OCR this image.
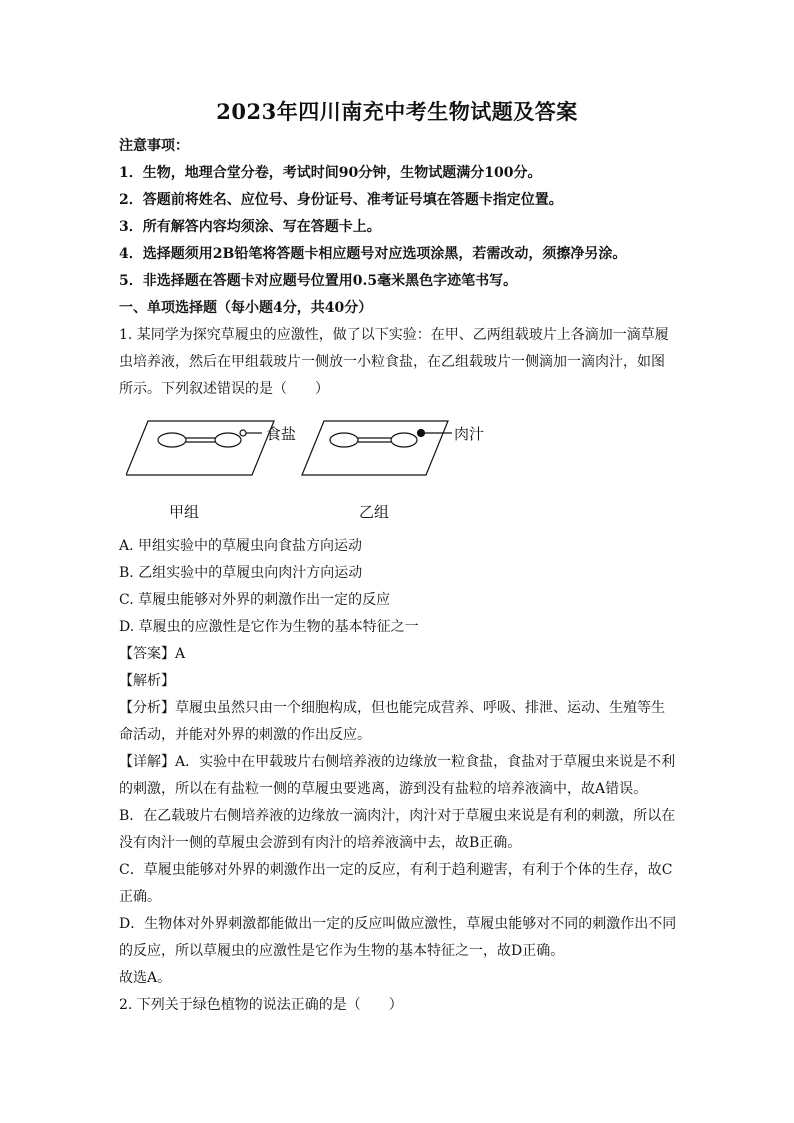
2023年四川南充中考生物试题及答案
注意事项：
1．生物，地理合堂分卷，考试时间90分钟，生物试题满分100分。
2．答题前将姓名、应位号、身份证号、准考证号填在答题卡指定位置。
3．所有解答内容均须涂、写在答题卡上。
4．选择题须用2B铅笔将答题卡相应题号对应选项涂黑，若需改动，须擦净另涂。
5．非选择题在答题卡对应题号位置用0.5毫米黑色字迹笔书写。
一、单项选择题（每小题4分，共40分）
1. 某同学为探究草履虫的应激性，做了以下实验：在甲、乙两组载玻片上各滴加一滴草履
虫培养液，然后在甲组载玻片一侧放一小粒食盐，在乙组载玻片一侧滴加一滴肉汁，如图
所示。下列叙述错误的是（　　）
食盐	肉汁
甲组	乙组
A. 甲组实验中的草履虫向食盐方向运动
B. 乙组实验中的草履虫向肉汁方向运动
C. 草履虫能够对外界的刺激作出一定的反应
D. 草履虫的应激性是它作为生物的基本特征之一
【答案】A
【解析】
【分析】草履虫虽然只由一个细胞构成，但也能完成营养、呼吸、排泄、运动、生殖等生
命活动，并能对外界的刺激的作出反应。
【详解】A．实验中在甲载玻片右侧培养液的边缘放一粒食盐，食盐对于草履虫来说是不利
的刺激，所以在有盐粒一侧的草履虫要逃离，游到没有盐粒的培养液滴中，故A错误。
B．在乙载玻片右侧培养液的边缘放一滴肉汁，肉汁对于草履虫来说是有利的刺激，所以在
没有肉汁一侧的草履虫会游到有肉汁的培养液滴中去，故B正确。
C．草履虫能够对外界的刺激作出一定的反应，有利于趋利避害，有利于个体的生存，故C
正确。
D．生物体对外界刺激都能做出一定的反应叫做应激性，草履虫能够对不同的刺激作出不同
的反应，所以草履虫的应激性是它作为生物的基本特征之一，故D正确。
故选A。
2. 下列关于绿色植物的说法正确的是（　　）
